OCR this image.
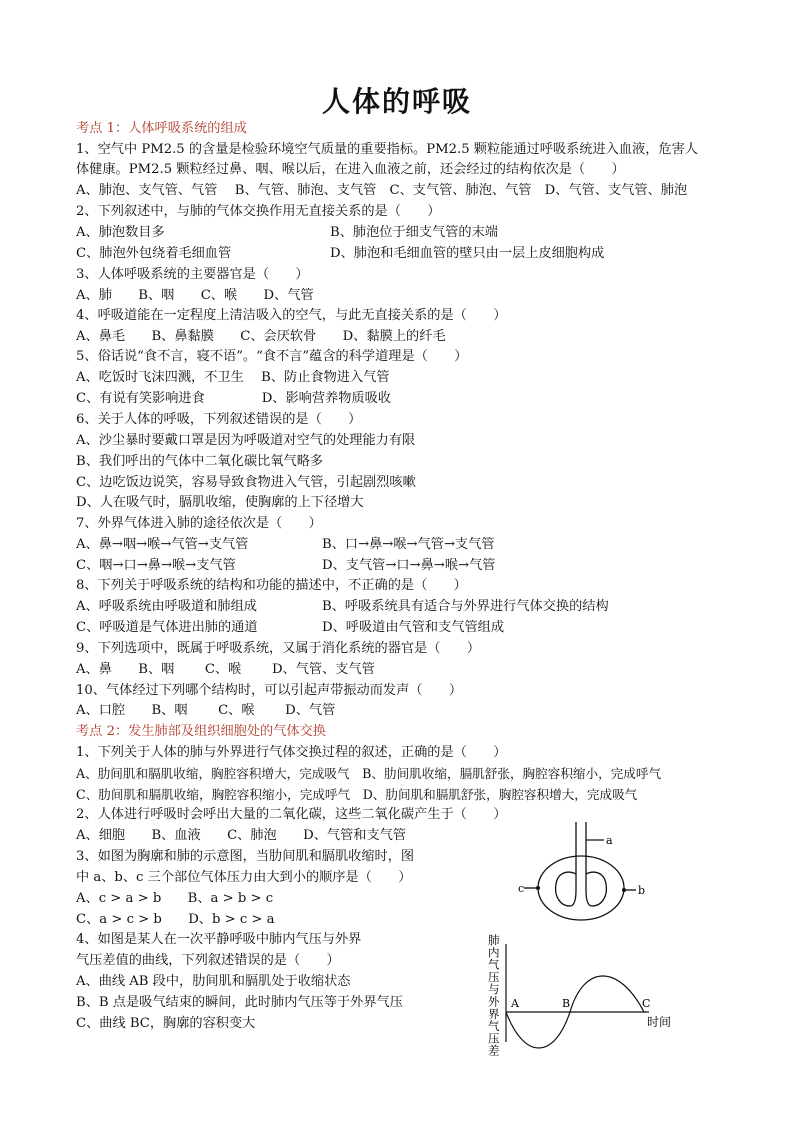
人体的呼吸
考点 1：人体呼吸系统的组成
1、空气中 PM2.5 的含量是检验环境空气质量的重要指标。PM2.5 颗粒能通过呼吸系统进入血液，危害人
体健康。PM2.5 颗粒经过鼻、咽、喉以后，在进入血液之前，还会经过的结构依次是（　　）
A、肺泡、支气管、气管　 B、气管、肺泡、支气管　C、支气管、肺泡、气管　D、气管、支气管、肺泡
2、下列叙述中，与肺的气体交换作用无直接关系的是（　　）
A、肺泡数目多	B、肺泡位于细支气管的末端
C、肺泡外包绕着毛细血管	D、肺泡和毛细血管的壁只由一层上皮细胞构成
3、人体呼吸系统的主要器官是（　　）
A、肺　　B、咽　　C、喉　　D、气管
4、呼吸道能在一定程度上清洁吸入的空气，与此无直接关系的是（　　）
A、鼻毛　　B、鼻黏膜　　C、会厌软骨　　D、黏膜上的纤毛
5、俗话说“食不言，寝不语”。“食不言”蕴含的科学道理是（　　）
A、吃饭时飞沫四溅，不卫生　 B、防止食物进入气管
C、有说有笑影响进食　　　　 D、影响营养物质吸收
6、关于人体的呼吸，下列叙述错误的是（　　）
A、沙尘暴时要戴口罩是因为呼吸道对空气的处理能力有限
B、我们呼出的气体中二氧化碳比氧气略多
C、边吃饭边说笑，容易导致食物进入气管，引起剧烈咳嗽
D、人在吸气时，膈肌收缩，使胸廓的上下径增大
7、外界气体进入肺的途径依次是（　　）
A、鼻→咽→喉→气管→支气管	B、口→鼻→喉→气管→支气管
C、咽→口→鼻→喉→支气管	D、支气管→口→鼻→喉→气管
8、下列关于呼吸系统的结构和功能的描述中，不正确的是（　　）
A、呼吸系统由呼吸道和肺组成	B、呼吸系统具有适合与外界进行气体交换的结构
C、呼吸道是气体进出肺的通道	D、呼吸道由气管和支气管组成
9、下列选项中，既属于呼吸系统，又属于消化系统的器官是（　　）
A、鼻　　B、咽　　 C、喉　　 D、气管、支气管
10、气体经过下列哪个结构时，可以引起声带振动而发声（　　）
A、口腔　　B、咽　　 C、喉　　 D、气管
考点 2：发生肺部及组织细胞处的气体交换
1、下列关于人体的肺与外界进行气体交换过程的叙述，正确的是（　　）
A、肋间肌和膈肌收缩，胸腔容积增大，完成吸气　B、肋间肌收缩，膈肌舒张，胸腔容积缩小，完成呼气
C、肋间肌和膈肌收缩，胸腔容积缩小，完成呼气　D、肋间肌和膈肌舒张，胸腔容积增大，完成吸气
2、人体进行呼吸时会呼出大量的二氧化碳，这些二氧化碳产生于（　　）
A、细胞　　B、血液　　C、肺泡　　D、气管和支气管
3、如图为胸廓和肺的示意图，当肋间肌和膈肌收缩时，图
中 a、b、c 三个部位气体压力由大到小的顺序是（　　）
A、c > a > b　　B、a > b > c
C、a > c > b　　D、b > c > a
4、如图是某人在一次平静呼吸中肺内气压与外界
气压差值的曲线，下列叙述错误的是（　　）
A、曲线 AB 段中，肋间肌和膈肌处于收缩状态
B、B 点是吸气结束的瞬间，此时肺内气压等于外界气压
C、曲线 BC，胸廓的容积变大
a
b
c
肺
内
气
压
与
外
界
气
压
差
A	B	C
时间
